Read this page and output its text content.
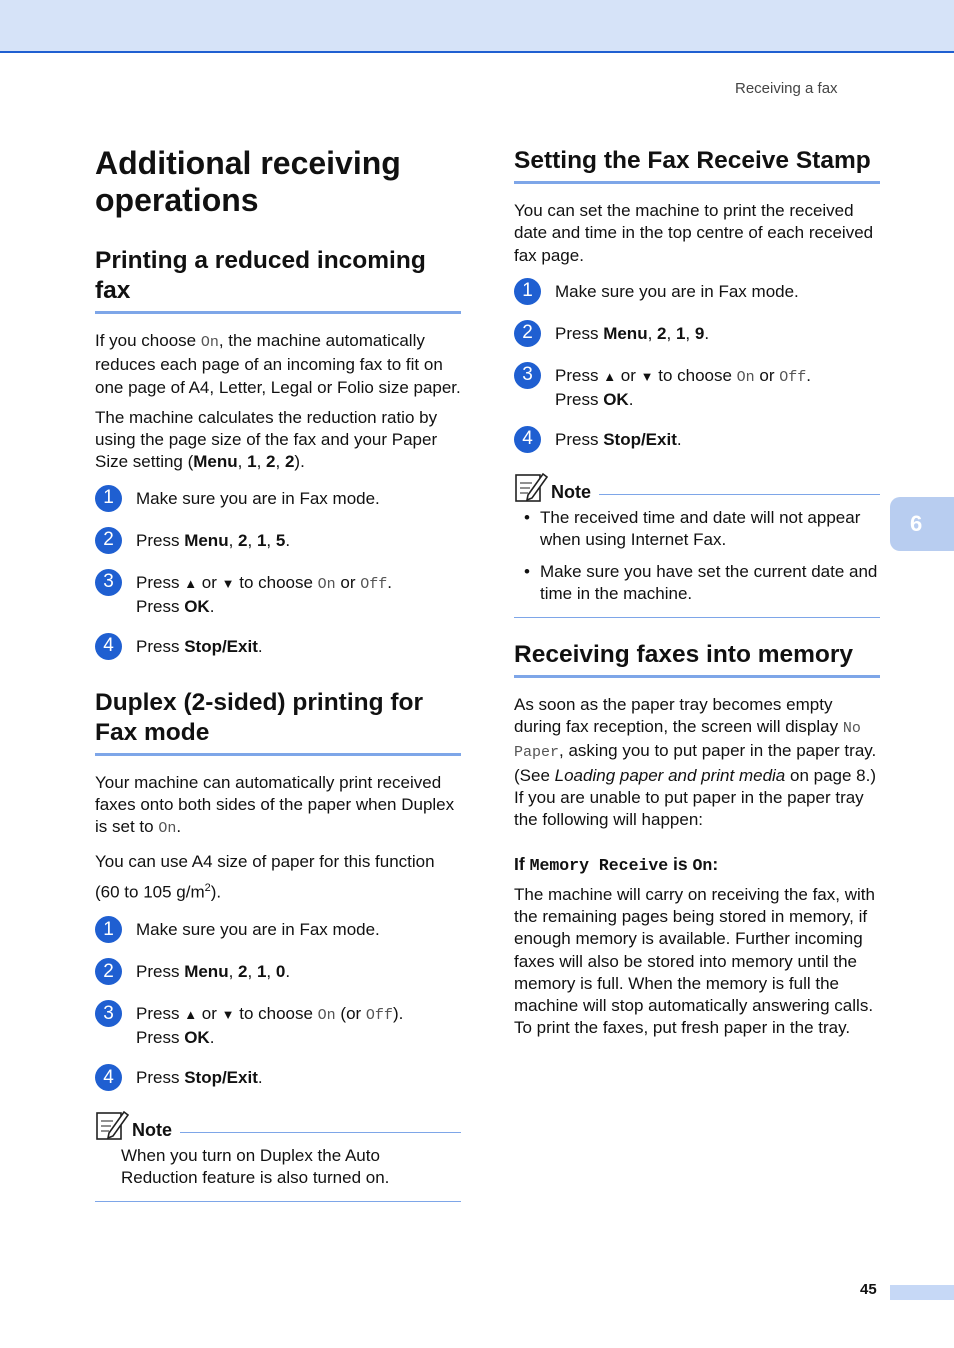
Receiving a fax
6
45
Additional receiving operations
Printing a reduced incoming fax

If you choose On, the machine automatically reduces each page of an incoming fax to fit on one page of A4, Letter, Legal or Folio size paper.

The machine calculates the reduction ratio by using the page size of the fax and your Paper Size setting (Menu, 1, 2, 2).

1	Make sure you are in Fax mode.
2	Press Menu, 2, 1, 5.
3	Press ▲ or ▼ to choose On or Off.
Press OK.
4	Press Stop/Exit.
Duplex (2-sided) printing for Fax mode

Your machine can automatically print received faxes onto both sides of the paper when Duplex is set to On.

You can use A4 size of paper for this function (60 to 105 $g/m^2$).

1	Make sure you are in Fax mode.
2	Press Menu, 2, 1, 0.
3	Press ▲ or ▼ to choose On (or Off).
Press OK.
4	Press Stop/Exit.
Note
When you turn on Duplex the Auto Reduction feature is also turned on.
Setting the Fax Receive Stamp

You can set the machine to print the received date and time in the top centre of each received fax page.

1	Make sure you are in Fax mode.
2	Press Menu, 2, 1, 9.
3	Press ▲ or ▼ to choose On or Off.
Press OK.
4	Press Stop/Exit.
Note
• The received time and date will not appear when using Internet Fax.
• Make sure you have set the current date and time in the machine.
Receiving faxes into memory

As soon as the paper tray becomes empty during fax reception, the screen will display No Paper, asking you to put paper in the paper tray. (See Loading paper and print media on page 8.) If you are unable to put paper in the paper tray the following will happen:

If Memory Receive is On:

The machine will carry on receiving the fax, with the remaining pages being stored in memory, if enough memory is available. Further incoming faxes will also be stored into memory until the memory is full. When the memory is full the machine will stop automatically answering calls. To print the faxes, put fresh paper in the tray.
